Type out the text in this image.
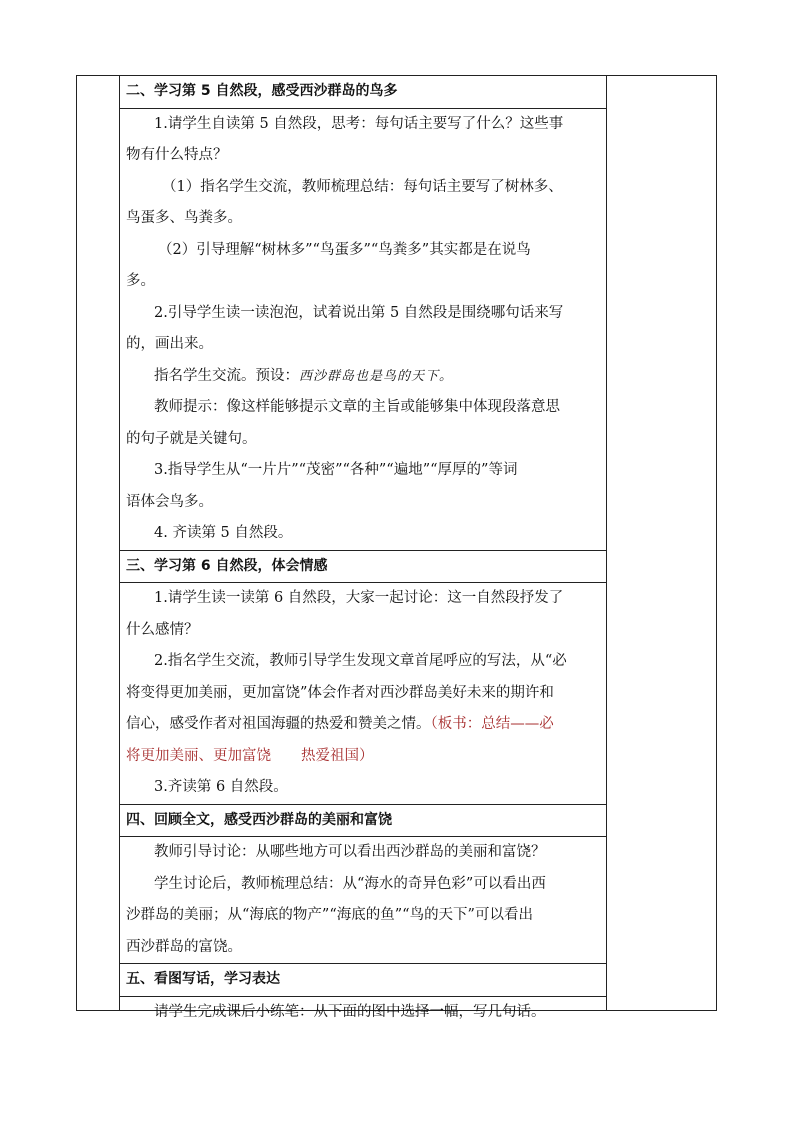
二、学习第 5 自然段，感受西沙群岛的鸟多
1.请学生自读第 5 自然段，思考：每句话主要写了什么？这些事
物有什么特点？
（1）指名学生交流，教师梳理总结：每句话主要写了树林多、
鸟蛋多、鸟粪多。
（2）引导理解“树林多”“鸟蛋多”“鸟粪多”其实都是在说鸟
多。
2.引导学生读一读泡泡，试着说出第 5 自然段是围绕哪句话来写
的，画出来。
指名学生交流。预设：西沙群岛也是鸟的天下。
教师提示：像这样能够提示文章的主旨或能够集中体现段落意思
的句子就是关键句。
3.指导学生从“一片片”“茂密”“各种”“遍地”“厚厚的”等词
语体会鸟多。
4. 齐读第 5 自然段。
三、学习第 6 自然段，体会情感
1.请学生读一读第 6 自然段，大家一起讨论：这一自然段抒发了
什么感情？
2.指名学生交流，教师引导学生发现文章首尾呼应的写法，从“必
将变得更加美丽，更加富饶”体会作者对西沙群岛美好未来的期许和
信心，感受作者对祖国海疆的热爱和赞美之情。（板书：总结——必
将更加美丽、更加富饶 热爱祖国）
3.齐读第 6 自然段。
四、回顾全文，感受西沙群岛的美丽和富饶
教师引导讨论：从哪些地方可以看出西沙群岛的美丽和富饶？
学生讨论后，教师梳理总结：从“海水的奇异色彩”可以看出西
沙群岛的美丽；从“海底的物产”“海底的鱼”“鸟的天下”可以看出
西沙群岛的富饶。
五、看图写话，学习表达
请学生完成课后小练笔：从下面的图中选择一幅，写几句话。
